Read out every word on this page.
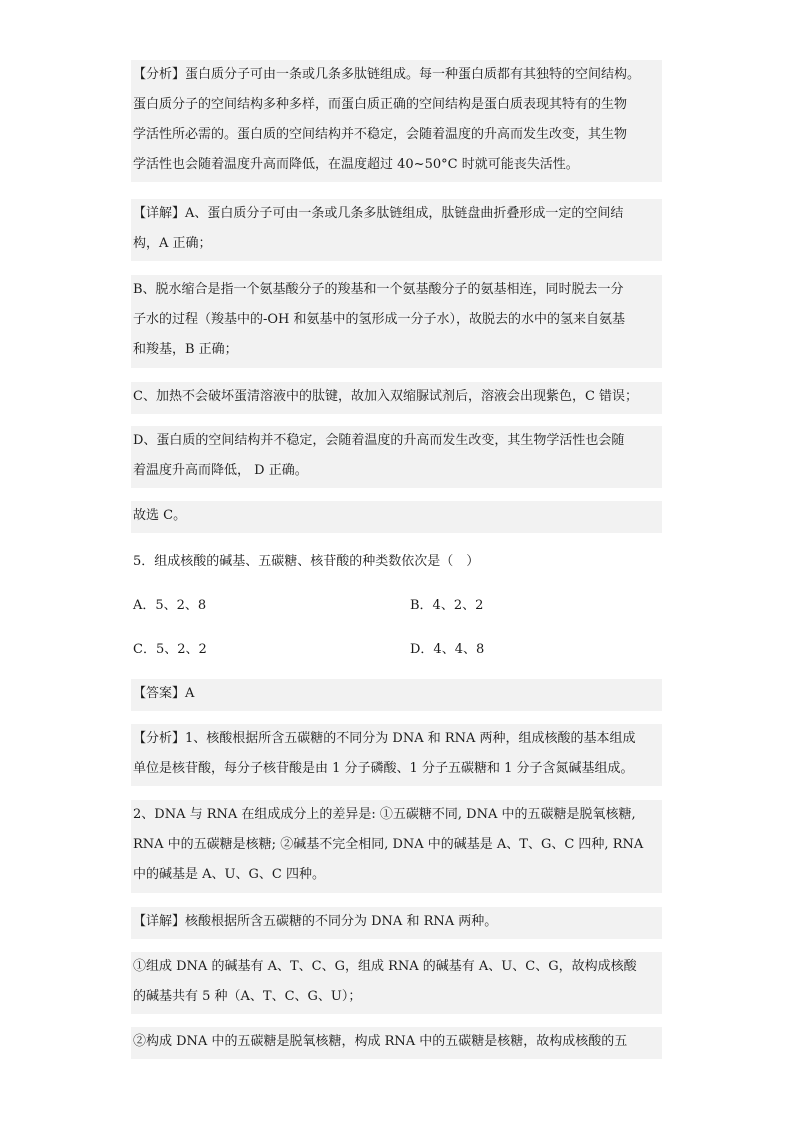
【分析】蛋白质分子可由一条或几条多肽链组成。每一种蛋白质都有其独特的空间结构。
蛋白质分子的空间结构多种多样，而蛋白质正确的空间结构是蛋白质表现其特有的生物
学活性所必需的。蛋白质的空间结构并不稳定，会随着温度的升高而发生改变，其生物
学活性也会随着温度升高而降低，在温度超过 40~50°C 时就可能丧失活性。
【详解】A、蛋白质分子可由一条或几条多肽链组成，肽链盘曲折叠形成一定的空间结
构，A 正确；
B、脱水缩合是指一个氨基酸分子的羧基和一个氨基酸分子的氨基相连，同时脱去一分
子水的过程（羧基中的-OH 和氨基中的氢形成一分子水），故脱去的水中的氢来自氨基
和羧基，B 正确；
C、加热不会破坏蛋清溶液中的肽键，故加入双缩脲试剂后，溶液会出现紫色，C 错误；
D、蛋白质的空间结构并不稳定，会随着温度的升高而发生改变，其生物学活性也会随
着温度升高而降低， D 正确。
故选 C。
5．组成核酸的碱基、五碳糖、核苷酸的种类数依次是（　）
A．5、2、8	B．4、2、2
C．5、2、2	D．4、4、8
【答案】A
【分析】1、核酸根据所含五碳糖的不同分为 DNA 和 RNA 两种，组成核酸的基本组成
单位是核苷酸，每分子核苷酸是由 1 分子磷酸、1 分子五碳糖和 1 分子含氮碱基组成。
2、DNA 与 RNA 在组成成分上的差异是: ①五碳糖不同, DNA 中的五碳糖是脱氧核糖,
RNA 中的五碳糖是核糖; ②碱基不完全相同, DNA 中的碱基是 A、T、G、C 四种, RNA
中的碱基是 A、U、G、C 四种。
【详解】核酸根据所含五碳糖的不同分为 DNA 和 RNA 两种。
①组成 DNA 的碱基有 A、T、C、G，组成 RNA 的碱基有 A、U、C、G，故构成核酸
的碱基共有 5 种（A、T、C、G、U）；
②构成 DNA 中的五碳糖是脱氧核糖，构成 RNA 中的五碳糖是核糖，故构成核酸的五
